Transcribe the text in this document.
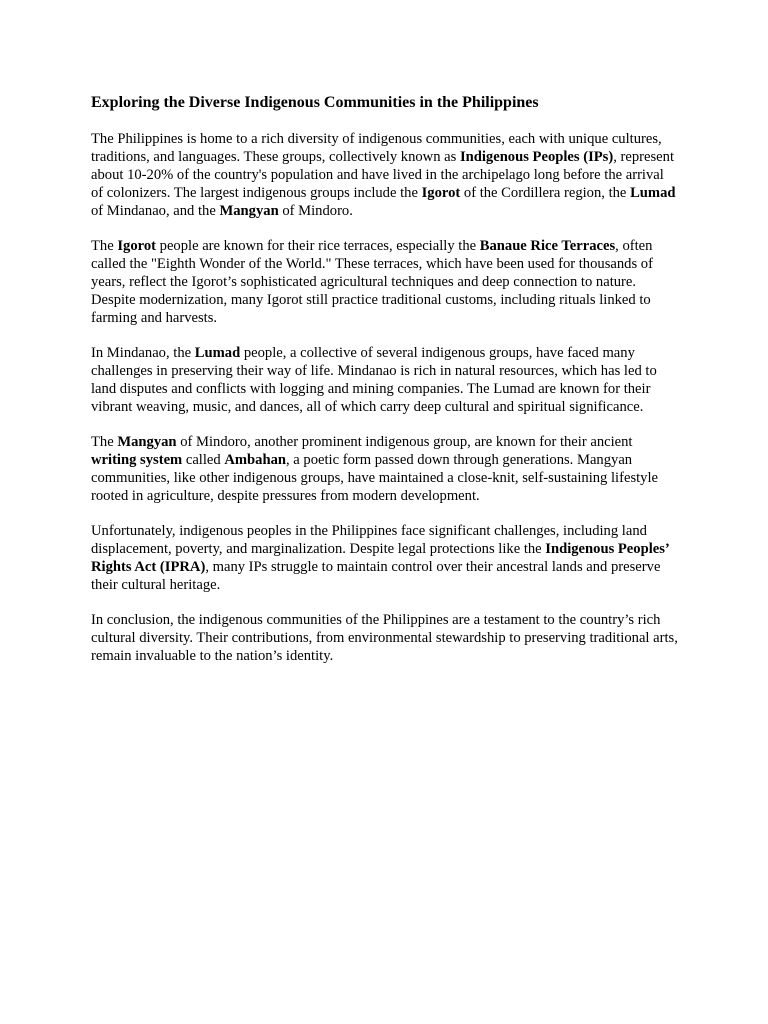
Exploring the Diverse Indigenous Communities in the Philippines

The Philippines is home to a rich diversity of indigenous communities, each with unique cultures, traditions, and languages. These groups, collectively known as Indigenous Peoples (IPs), represent about 10-20% of the country's population and have lived in the archipelago long before the arrival of colonizers. The largest indigenous groups include the Igorot of the Cordillera region, the Lumad of Mindanao, and the Mangyan of Mindoro.

The Igorot people are known for their rice terraces, especially the Banaue Rice Terraces, often called the "Eighth Wonder of the World." These terraces, which have been used for thousands of years, reflect the Igorot’s sophisticated agricultural techniques and deep connection to nature. Despite modernization, many Igorot still practice traditional customs, including rituals linked to farming and harvests.

In Mindanao, the Lumad people, a collective of several indigenous groups, have faced many challenges in preserving their way of life. Mindanao is rich in natural resources, which has led to land disputes and conflicts with logging and mining companies. The Lumad are known for their vibrant weaving, music, and dances, all of which carry deep cultural and spiritual significance.

The Mangyan of Mindoro, another prominent indigenous group, are known for their ancient writing system called Ambahan, a poetic form passed down through generations. Mangyan communities, like other indigenous groups, have maintained a close-knit, self-sustaining lifestyle rooted in agriculture, despite pressures from modern development.

Unfortunately, indigenous peoples in the Philippines face significant challenges, including land displacement, poverty, and marginalization. Despite legal protections like the Indigenous Peoples’ Rights Act (IPRA), many IPs struggle to maintain control over their ancestral lands and preserve their cultural heritage.

In conclusion, the indigenous communities of the Philippines are a testament to the country’s rich cultural diversity. Their contributions, from environmental stewardship to preserving traditional arts, remain invaluable to the nation’s identity.
